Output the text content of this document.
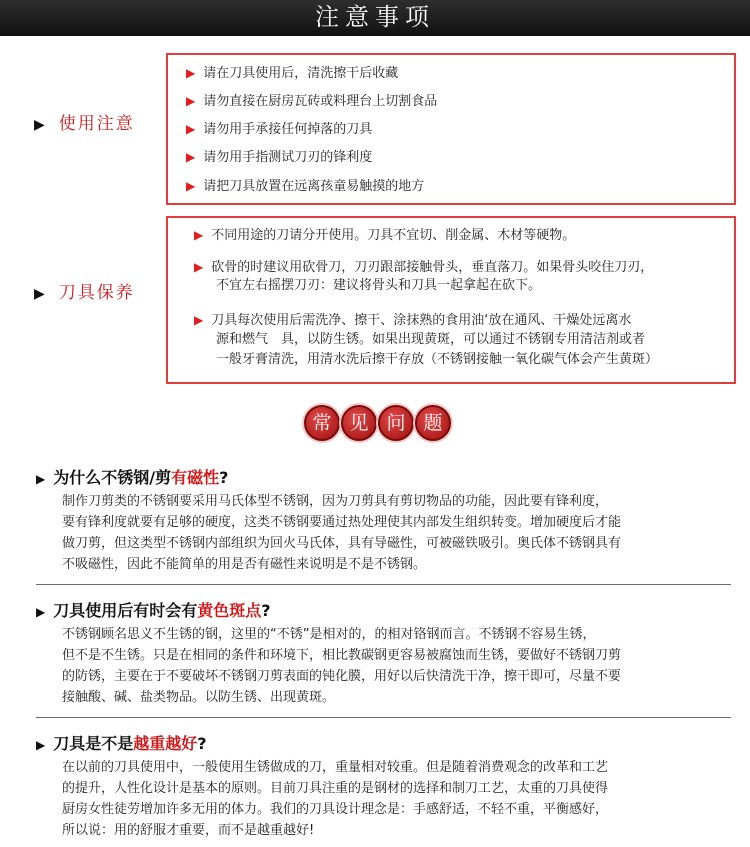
注意事项
▶ 使用注意
▶ 请在刀具使用后，清洗擦干后收藏
▶ 请勿直接在厨房瓦砖或料理台上切割食品
▶ 请勿用手承接任何掉落的刀具
▶ 请勿用手指测试刀刃的锋利度
▶ 请把刀具放置在远离孩童易触摸的地方
▶ 刀具保养
▶ 不同用途的刀请分开使用。刀具不宜切、削金属、木材等硬物。
▶ 砍骨的时建议用砍骨刀，刀刃跟部接触骨头，垂直落刀。如果骨头咬住刀刃，
不宜左右摇摆刀刃：建议将骨头和刀具一起拿起在砍下。
▶ 刀具每次使用后需洗净、擦干、涂抹熟的食用油‘放在通风、干燥处远离水
源和燃气　具，以防生锈。如果出现黄斑，可以通过不锈钢专用清洁剂或者
一般牙膏清洗，用清水洗后擦干存放（不锈钢接触一氧化碳气体会产生黄斑）
常 见 问 题
▶ 为什么不锈钢/剪有磁性?
制作刀剪类的不锈钢要采用马氏体型不锈钢，因为刀剪具有剪切物品的功能，因此要有锋利度，
要有锋利度就要有足够的硬度，这类不锈钢要通过热处理使其内部发生组织转变。增加硬度后才能
做刀剪，但这类型不锈钢内部组织为回火马氏体，具有导磁性，可被磁铁吸引。奥氏体不锈钢具有
不吸磁性，因此不能简单的用是否有磁性来说明是不是不锈钢。
▶ 刀具使用后有时会有黄色斑点?
不锈钢顾名思义不生锈的钢，这里的“不锈”是相对的，的相对铬钢而言。不锈钢不容易生锈，
但不是不生锈。只是在相同的条件和环境下，相比教碳钢更容易被腐蚀而生锈，要做好不锈钢刀剪
的防锈，主要在于不要破坏不锈钢刀剪表面的钝化膜，用好以后快清洗干净，擦干即可，尽量不要
接触酸、碱、盐类物品。以防生锈、出现黄斑。
▶ 刀具是不是越重越好?
在以前的刀具使用中，一般使用生锈做成的刀，重量相对较重。但是随着消费观念的改革和工艺
的提升，人性化设计是基本的原则。目前刀具注重的是钢材的选择和制刀工艺，太重的刀具使得
厨房女性徒劳增加许多无用的体力。我们的刀具设计理念是：手感舒适，不轻不重，平衡感好，
所以说：用的舒服才重要，而不是越重越好!
